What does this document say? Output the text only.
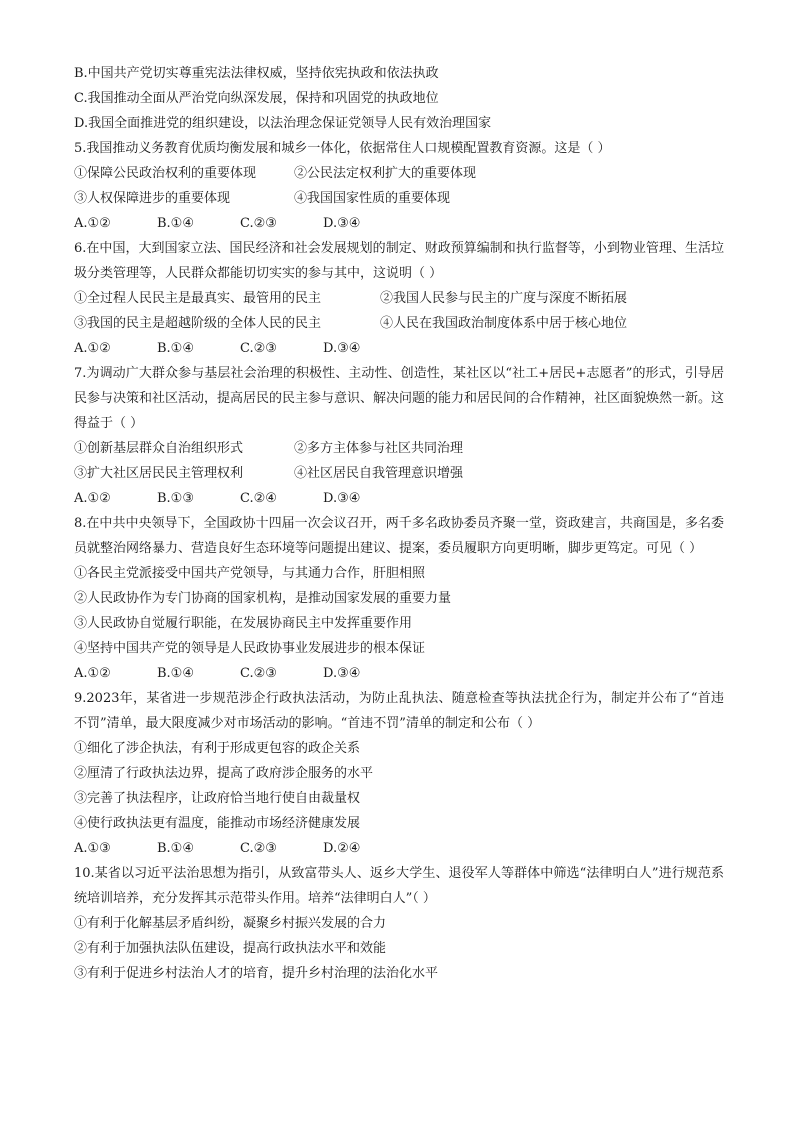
B.中国共产党切实尊重宪法法律权威，坚持依宪执政和依法执政
C.我国推动全面从严治党向纵深发展，保持和巩固党的执政地位
D.我国全面推进党的组织建设，以法治理念保证党领导人民有效治理国家
5.我国推动义务教育优质均衡发展和城乡一体化，依据常住人口规模配置教育资源。这是（ ）
①保障公民政治权利的重要体现	②公民法定权利扩大的重要体现
③人权保障进步的重要体现	④我国国家性质的重要体现
A.①②	B.①④	C.②③	D.③④
6.在中国，大到国家立法、国民经济和社会发展规划的制定、财政预算编制和执行监督等，小到物业管理、生活垃圾分类管理等，人民群众都能切切实实的参与其中，这说明（ ）
①全过程人民民主是最真实、最管用的民主	②我国人民参与民主的广度与深度不断拓展
③我国的民主是超越阶级的全体人民的民主	④人民在我国政治制度体系中居于核心地位
A.①②	B.①④	C.②③	D.③④
7.为调动广大群众参与基层社会治理的积极性、主动性、创造性，某社区以“社工+居民+志愿者”的形式，引导居民参与决策和社区活动，提高居民的民主参与意识、解决问题的能力和居民间的合作精神，社区面貌焕然一新。这得益于（ ）
①创新基层群众自治组织形式	②多方主体参与社区共同治理
③扩大社区居民民主管理权利	④社区居民自我管理意识增强
A.①②	B.①③	C.②④	D.③④
8.在中共中央领导下，全国政协十四届一次会议召开，两千多名政协委员齐聚一堂，资政建言，共商国是，多名委员就整治网络暴力、营造良好生态环境等问题提出建议、提案，委员履职方向更明晰，脚步更笃定。可见（ ）
①各民主党派接受中国共产党领导，与其通力合作，肝胆相照
②人民政协作为专门协商的国家机构，是推动国家发展的重要力量
③人民政协自觉履行职能，在发展协商民主中发挥重要作用
④坚持中国共产党的领导是人民政协事业发展进步的根本保证
A.①②	B.①④	C.②③	D.③④
9.2023年，某省进一步规范涉企行政执法活动，为防止乱执法、随意检查等执法扰企行为，制定并公布了“首违不罚”清单，最大限度减少对市场活动的影响。“首违不罚”清单的制定和公布（ ）
①细化了涉企执法，有利于形成更包容的政企关系
②厘清了行政执法边界，提高了政府涉企服务的水平
③完善了执法程序，让政府恰当地行使自由裁量权
④使行政执法更有温度，能推动市场经济健康发展
A.①③	B.①④	C.②③	D.②④
10.某省以习近平法治思想为指引，从致富带头人、返乡大学生、退役军人等群体中筛选“法律明白人”进行规范系统培训培养，充分发挥其示范带头作用。培养“法律明白人”（ ）
①有利于化解基层矛盾纠纷，凝聚乡村振兴发展的合力
②有利于加强执法队伍建设，提高行政执法水平和效能
③有利于促进乡村法治人才的培育，提升乡村治理的法治化水平
